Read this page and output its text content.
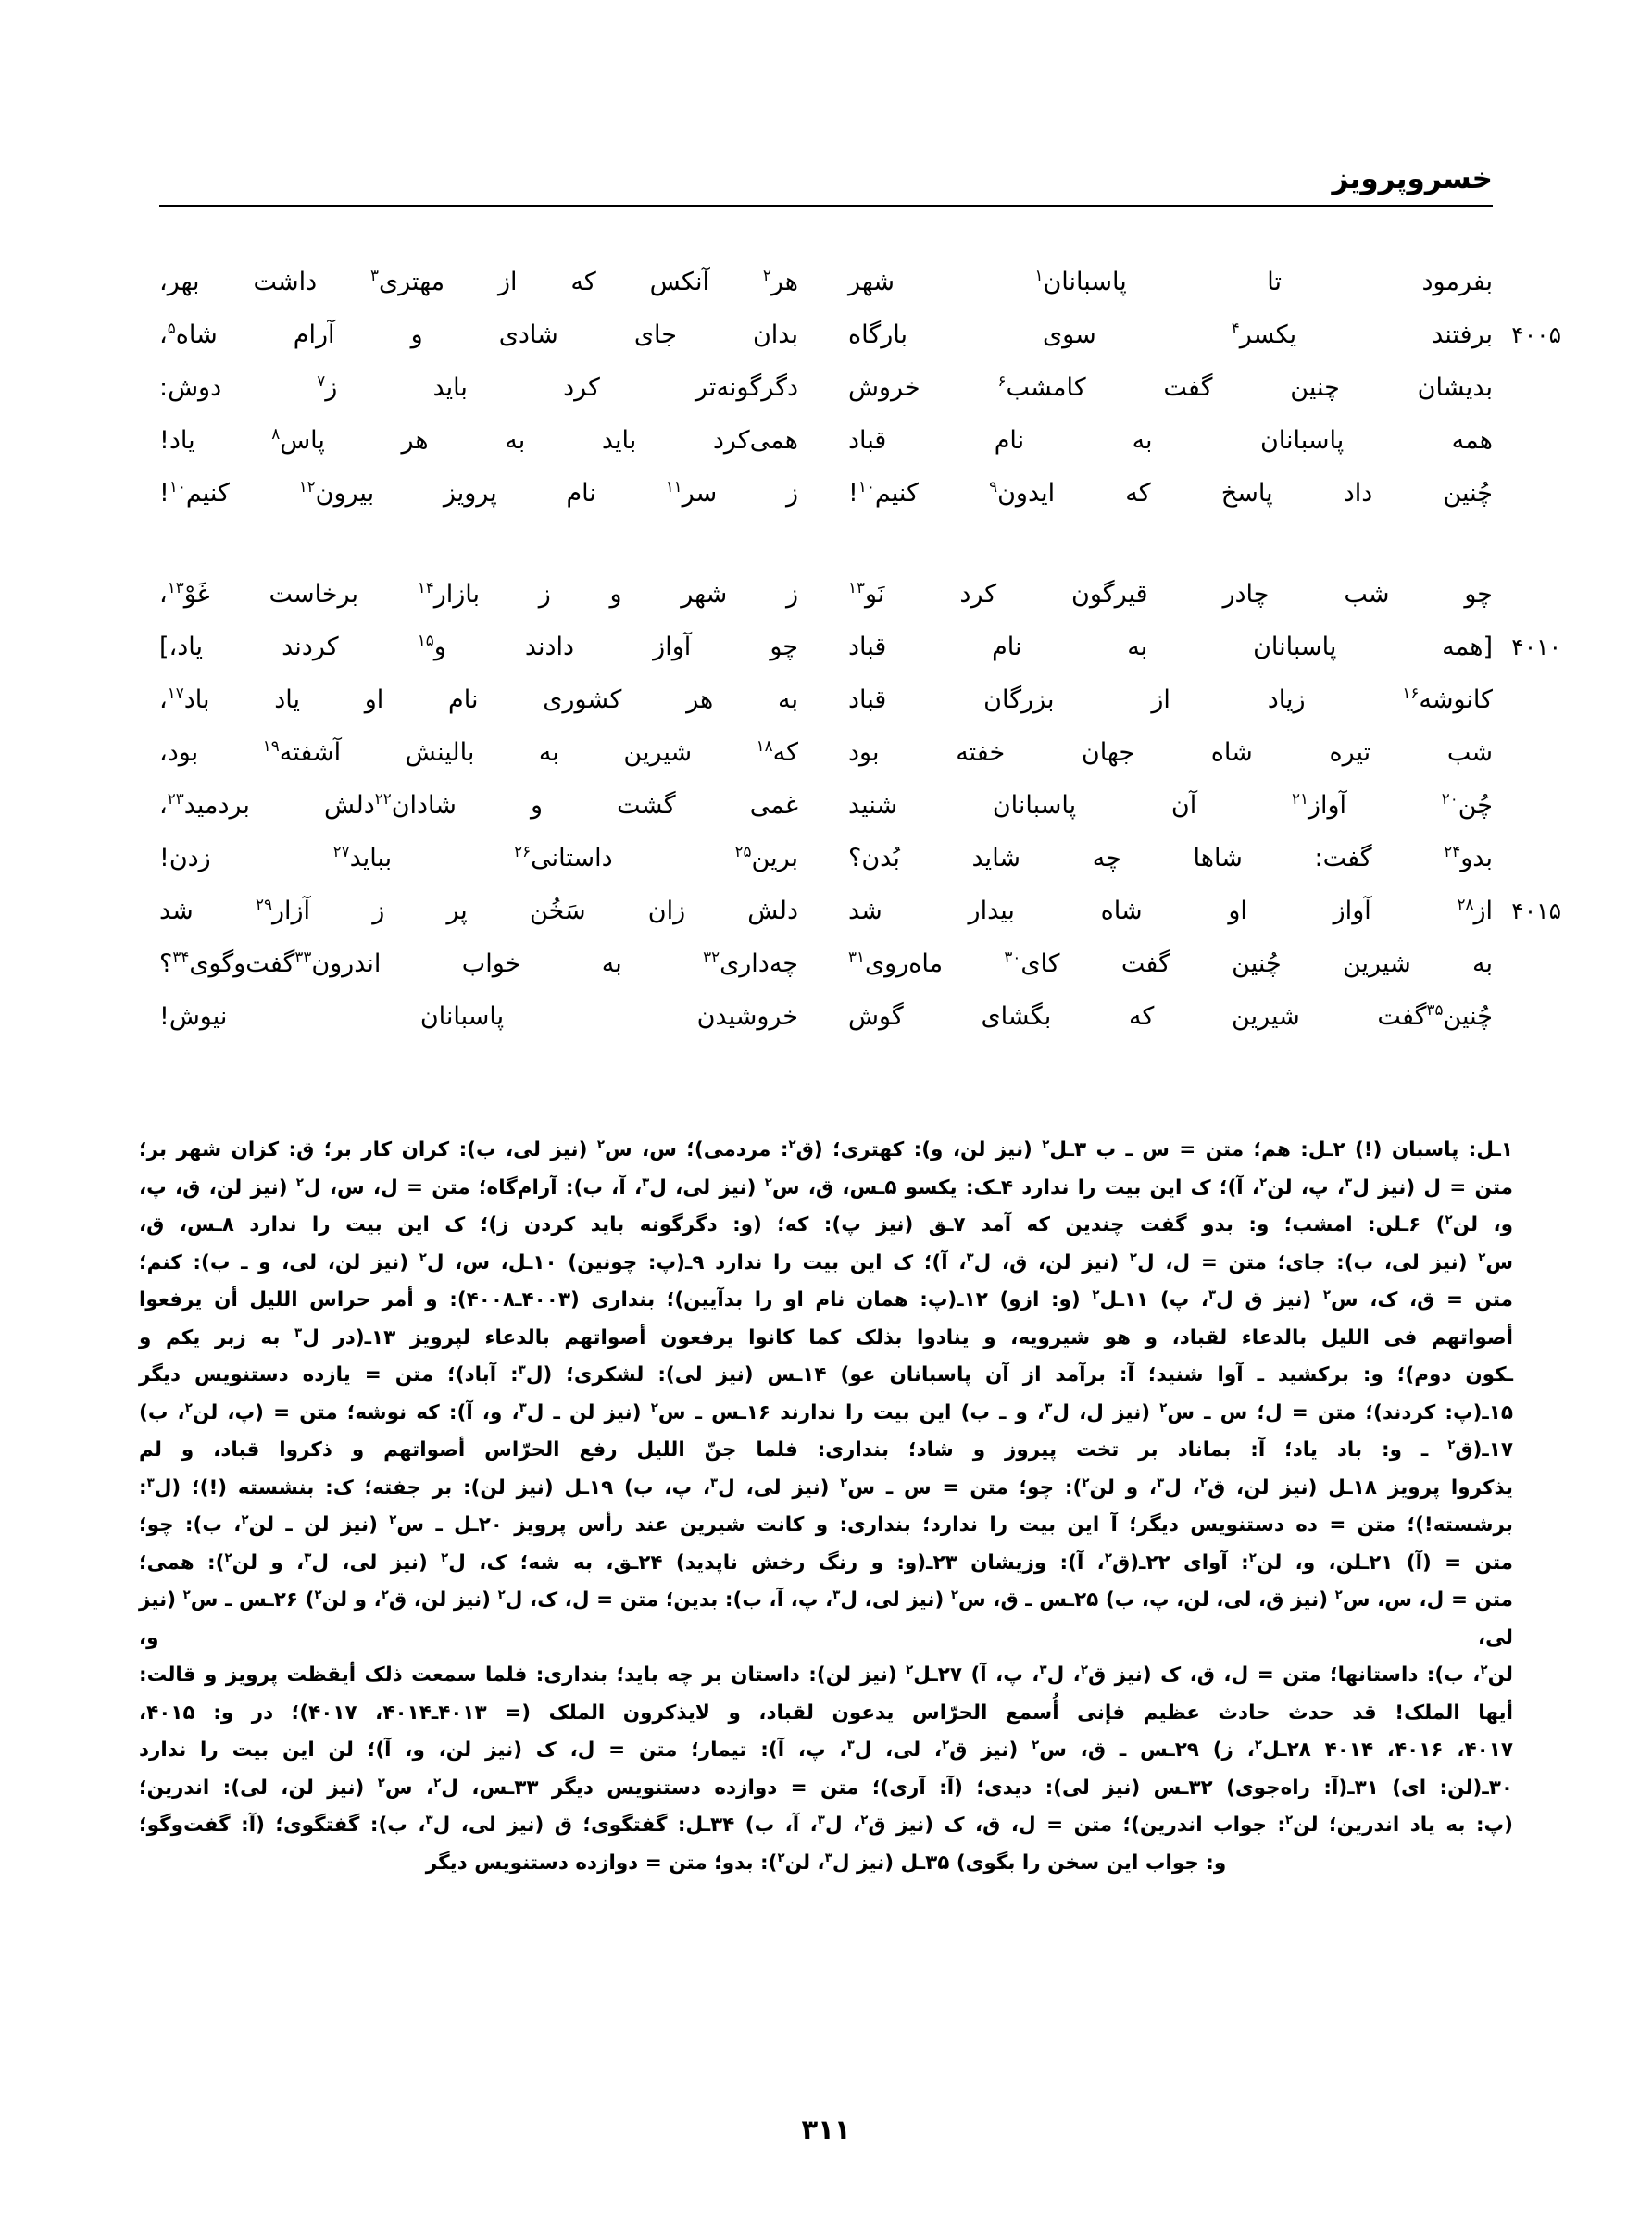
خسروپرویز
بفرمود تا پاسبانان$^۱$ شهر
۴۰۰۵
برفتند یکسر$^۴$ سوی بارگاه
بدیشان چنین گفت کامشب$^۶$ خروش
همه پاسبانان به نام قباد
چُنین داد پاسخ که ایدون$^۹$ کنیم$^{۱۰}$!
چو شب چادر قیرگون کرد نَو$^{۱۳}$
۴۰۱۰
[همه پاسبانان به نام قباد
کانوشه$^{۱۶}$ زیاد از بزرگان قباد
شب تیره شاه جهان خفته بود
چُن$^{۲۰}$ آواز$^{۲۱}$ آن پاسبانان شنید
بدو$^{۲۴}$ گفت: شاها چه شاید بُدن؟
۴۰۱۵
از$^{۲۸}$ آواز او شاه بیدار شد
به شیرین چُنین گفت کای$^{۳۰}$ ماه‌روی$^{۳۱}$
چُنین$^{۳۵}$گفت شیرین که بگشای گوش
هر$^۲$ آنکس که از مهتری$^۳$ داشت بهر،
بدان جای شادی و آرام شاه$^۵$،
دگرگونه‌تر کرد باید ز$^۷$ دوش:
همی‌کرد باید به هر پاس$^۸$ یاد!
ز سر$^{۱۱}$ نام پرویز بیرون$^{۱۲}$ کنیم$^{۱۰}$!
ز شهر و ز بازار$^{۱۴}$ برخاست غَوْ$^{۱۳}$،
چو آواز دادند و$^{۱۵}$ کردند یاد،]
به هر کشوری نام او یاد باد$^{۱۷}$،
که$^{۱۸}$ شیرین به بالینش آشفته$^{۱۹}$ بود،
غمی گشت و شادان$^{۲۲}$دلش بردمید$^{۲۳}$،
برین$^{۲۵}$ داستانی$^{۲۶}$ بباید$^{۲۷}$ زدن!
دلش زان سَخُن پر ز آزار$^{۲۹}$ شد
چه‌داری$^{۳۲}$ به خواب اندرون$^{۳۳}$گفت‌وگوی$^{۳۴}$؟
خروشیدن پاسبانان نیوش!

۱ـل: پاسبان (!) ۲ـل: هم؛ متن = س ـ ب ۳ـل$^۲$ (نیز لن، و): کهتری؛ (ق$^۲$: مردمی)؛ س، س$^۲$ (نیز لی، ب): کران کار بر؛ ق: کزان شهر بر؛

متن = ل (نیز ل$^۳$، پ، لن$^۲$، آ)؛ ک این بیت را ندارد ۴ـک: یکسو ۵ـس، ق، س$^۲$ (نیز لی، ل$^۳$، آ، ب): آرام‌گاه؛ متن = ل، س، ل$^۲$ (نیز لن، ق، پ،

و، لن$^۲$) ۶ـلن: امشب؛ و: بدو گفت چندین که آمد ۷ـق (نیز پ): که؛ (و: دگرگونه باید کردن ز)؛ ک این بیت را ندارد ۸ـس، ق،

س$^۲$ (نیز لی، ب): جای؛ متن = ل، ل$^۲$ (نیز لن، ق، ل$^۳$، آ)؛ ک این بیت را ندارد ۹ـ(پ: چونین) ۱۰ـل، س، ل$^۲$ (نیز لن، لی، و ـ ب): کنم؛

متن = ق، ک، س$^۲$ (نیز ق ل$^۳$، پ) ۱۱ـل$^۲$ (و: ازو) ۱۲ـ(پ: همان نام او را بدآیین)؛ بنداری (۴۰۰۳ـ۴۰۰۸): و أمر حراس اللیل أن یرفعوا

أصواتهم فی اللیل بالدعاء لقباد، و هو شیرویه، و ینادوا بذلک کما کانوا یرفعون أصواتهم بالدعاء لپرویز ۱۳ـ(در ل$^۳$ به زبر یکم و

ـکون دوم)؛ و: برکشید ـ آوا شنید؛ آ: برآمد از آن پاسبانان عو) ۱۴ـس (نیز لی): لشکری؛ (ل$^۳$: آباد)؛ متن = یازده دستنویس دیگر

۱۵ـ(پ: کردند)؛ متن = ل؛ س ـ س$^۲$ (نیز ل، ل$^۳$، و ـ ب) این بیت را ندارند ۱۶ـس ـ س$^۲$ (نیز لن ـ ل$^۳$، و، آ): که نوشه؛ متن = (پ، لن$^۲$، ب)

۱۷ـ(ق$^۲$ ـ و: باد یاد؛ آ: بماناد بر تخت پیروز و شاد؛ بنداری: فلما جنّ اللیل رفع الحرّاس أصواتهم و ذکروا قباد، و لم

یذکروا پرویز ۱۸ـل (نیز لن، ق$^۲$، ل$^۳$، و لن$^۲$): چو؛ متن = س ـ س$^۲$ (نیز لی، ل$^۳$، پ، ب) ۱۹ـل (نیز لن): بر جفته؛ ک: بنشسته (!)؛ (ل$^۳$:

برشسته!)؛ متن = ده دستنویس دیگر؛ آ این بیت را ندارد؛ بنداری: و کانت شیرین عند رأس پرویز ۲۰ـل ـ س$^۲$ (نیز لن ـ لن$^۲$، ب): چو؛

متن = (آ) ۲۱ـلن، و، لن$^۲$: آوای ۲۲ـ(ق$^۲$، آ): وزیشان ۲۳ـ(و: و رنگ رخش ناپدید) ۲۴ـق، به شه؛ ک، ل$^۲$ (نیز لی، ل$^۳$، و لن$^۲$): همی؛

متن = ل، س، س$^۲$ (نیز ق، لی، لن، پ، ب) ۲۵ـس ـ ق، س$^۲$ (نیز لی، ل$^۳$، پ، آ، ب): بدین؛ متن = ل، ک، ل$^۲$ (نیز لن، ق$^۲$، و لن$^۲$) ۲۶ـس ـ س$^۲$ (نیز لی، و،

لن$^۲$، ب): داستانها؛ متن = ل، ق، ک (نیز ق$^۲$، ل$^۳$، پ، آ) ۲۷ـل$^۲$ (نیز لن): داستان بر چه باید؛ بنداری: فلما سمعت ذلک أیقظت پرویز و قالت:

أیها الملک! قد حدث حادث عظیم فإنی أُسمع الحرّاس یدعون لقباد، و لایذکرون الملک (= ۴۰۱۳ـ۴۰۱۴، ۴۰۱۷)؛ در و: ۴۰۱۵،

۴۰۱۷، ۴۰۱۶، ۴۰۱۴ ۲۸ـل$^۲$، ز) ۲۹ـس ـ ق، س$^۲$ (نیز ق$^۲$، لی، ل$^۳$، پ، آ): تیمار؛ متن = ل، ک (نیز لن، و، آ)؛ لن این بیت را ندارد

۳۰ـ(لن: ای) ۳۱ـ(آ: راه‌جوی) ۳۲ـس (نیز لی): دیدی؛ (آ: آری)؛ متن = دوازده دستنویس دیگر ۳۳ـس، ل$^۲$، س$^۲$ (نیز لن، لی): اندرین؛

(پ: به یاد اندرین؛ لن$^۲$: جواب اندرین)؛ متن = ل، ق، ک (نیز ق$^۲$، ل$^۳$، آ، ب) ۳۴ـل: گفتگوی؛ ق (نیز لی، ل$^۳$، ب): گفتگوی؛ (آ: گفت‌وگو؛

و: جواب این سخن را بگوی) ۳۵ـل (نیز ل$^۳$، لن$^۲$): بدو؛ متن = دوازده دستنویس دیگر

۳۱۱
